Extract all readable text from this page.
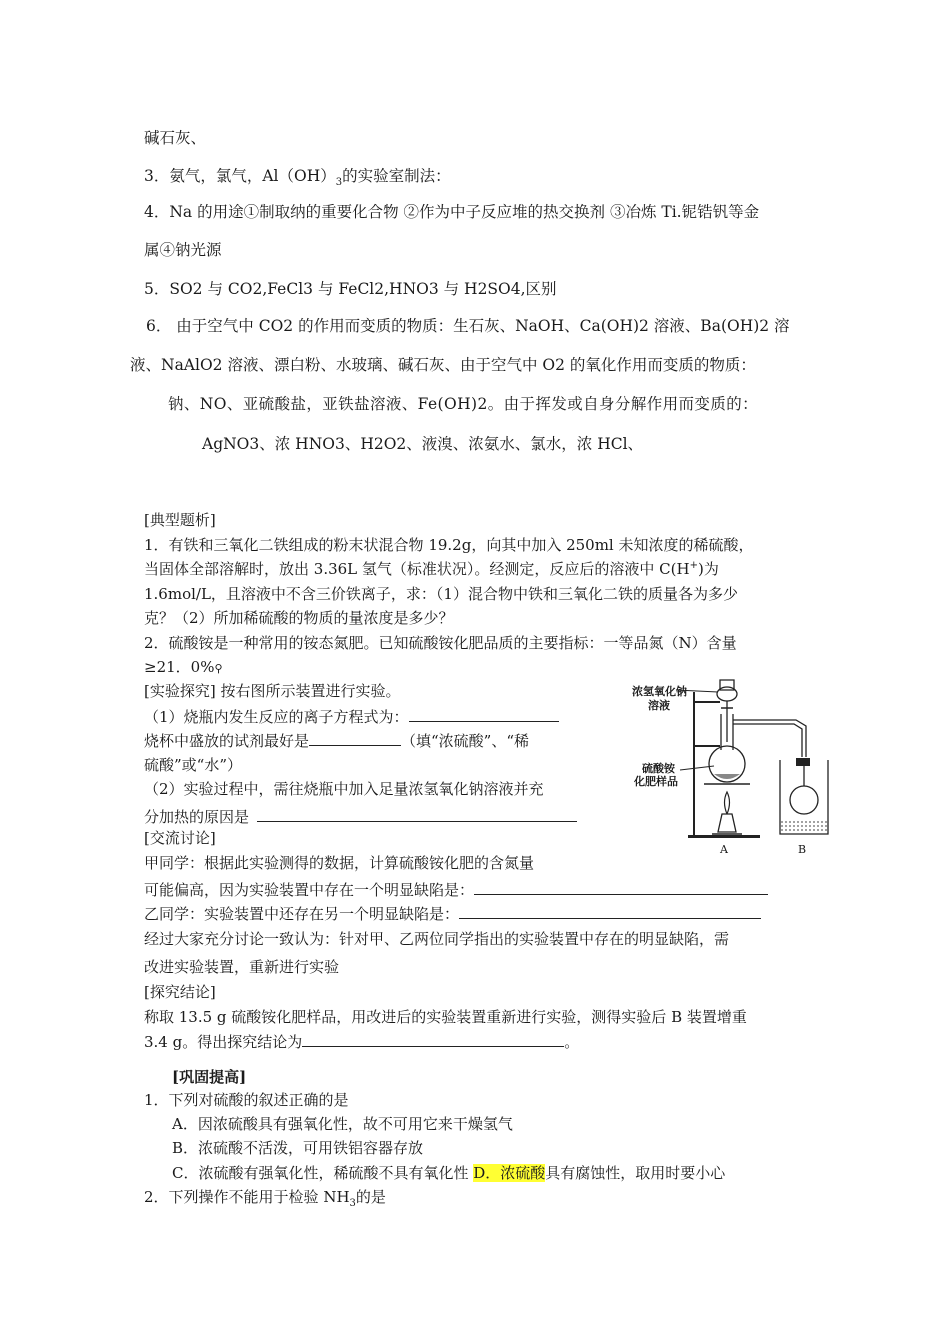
碱石灰、
3．氨气，氯气，$Al(OH)_3$的实验室制法：
4．Na 的用途①制取纳的重要化合物 ②作为中子反应堆的热交换剂 ③冶炼 Ti.铌锆钒等金
属④钠光源
5．SO2 与 CO2,FeCl3 与 FeCl2,HNO3 与 H2SO4,区别
6． 由于空气中 CO2 的作用而变质的物质：生石灰、NaOH、Ca(OH)2 溶液、Ba(OH)2 溶
液、NaAlO2 溶液、漂白粉、水玻璃、碱石灰、由于空气中 O2 的氧化作用而变质的物质：
钠、NO、亚硫酸盐，亚铁盐溶液、Fe(OH)2。由于挥发或自身分解作用而变质的：
AgNO3、浓 HNO3、H2O2、液溴、浓氨水、氯水，浓 HCl、
[典型题析]
1．有铁和三氧化二铁组成的粉末状混合物 19.2g，向其中加入 250ml 未知浓度的稀硫酸，
当固体全部溶解时，放出 3.36L 氢气（标准状况）。经测定，反应后的溶液中 C(H+)为
1.6mol/L，且溶液中不含三价铁离子，求：（1）混合物中铁和三氧化二铁的质量各为多少
克？（2）所加稀硫酸的物质的量浓度是多少？
2．硫酸铵是一种常用的铵态氮肥。已知硫酸铵化肥品质的主要指标：一等品氮（N）含量
≥21．0%⚲
[实验探究] 按右图所示装置进行实验。
（1）烧瓶内发生反应的离子方程式为：
烧杯中盛放的试剂最好是	（填“浓硫酸”、“稀
硫酸”或“水”）
（2）实验过程中，需往烧瓶中加入足量浓氢氧化钠溶液并充
分加热的原因是
[交流讨论]
甲同学：根据此实验测得的数据，计算硫酸铵化肥的含氮量
可能偏高，因为实验装置中存在一个明显缺陷是：
乙同学：实验装置中还存在另一个明显缺陷是：
经过大家充分讨论一致认为：针对甲、乙两位同学指出的实验装置中存在的明显缺陷，需
改进实验装置，重新进行实验
[探究结论]
称取 13.5 g 硫酸铵化肥样品，用改进后的实验装置重新进行实验，测得实验后 B 装置增重
3.4 g。得出探究结论为	。
浓氢氧化钠
溶液
硫酸铵
化肥样品
A	B
[巩固提高]
1．下列对硫酸的叙述正确的是
A．因浓硫酸具有强氧化性，故不可用它来干燥氢气
B．浓硫酸不活泼，可用铁铝容器存放
C．浓硫酸有强氧化性，稀硫酸不具有氧化性 D．浓硫酸具有腐蚀性，取用时要小心
2．下列操作不能用于检验 $NH_3$的是
